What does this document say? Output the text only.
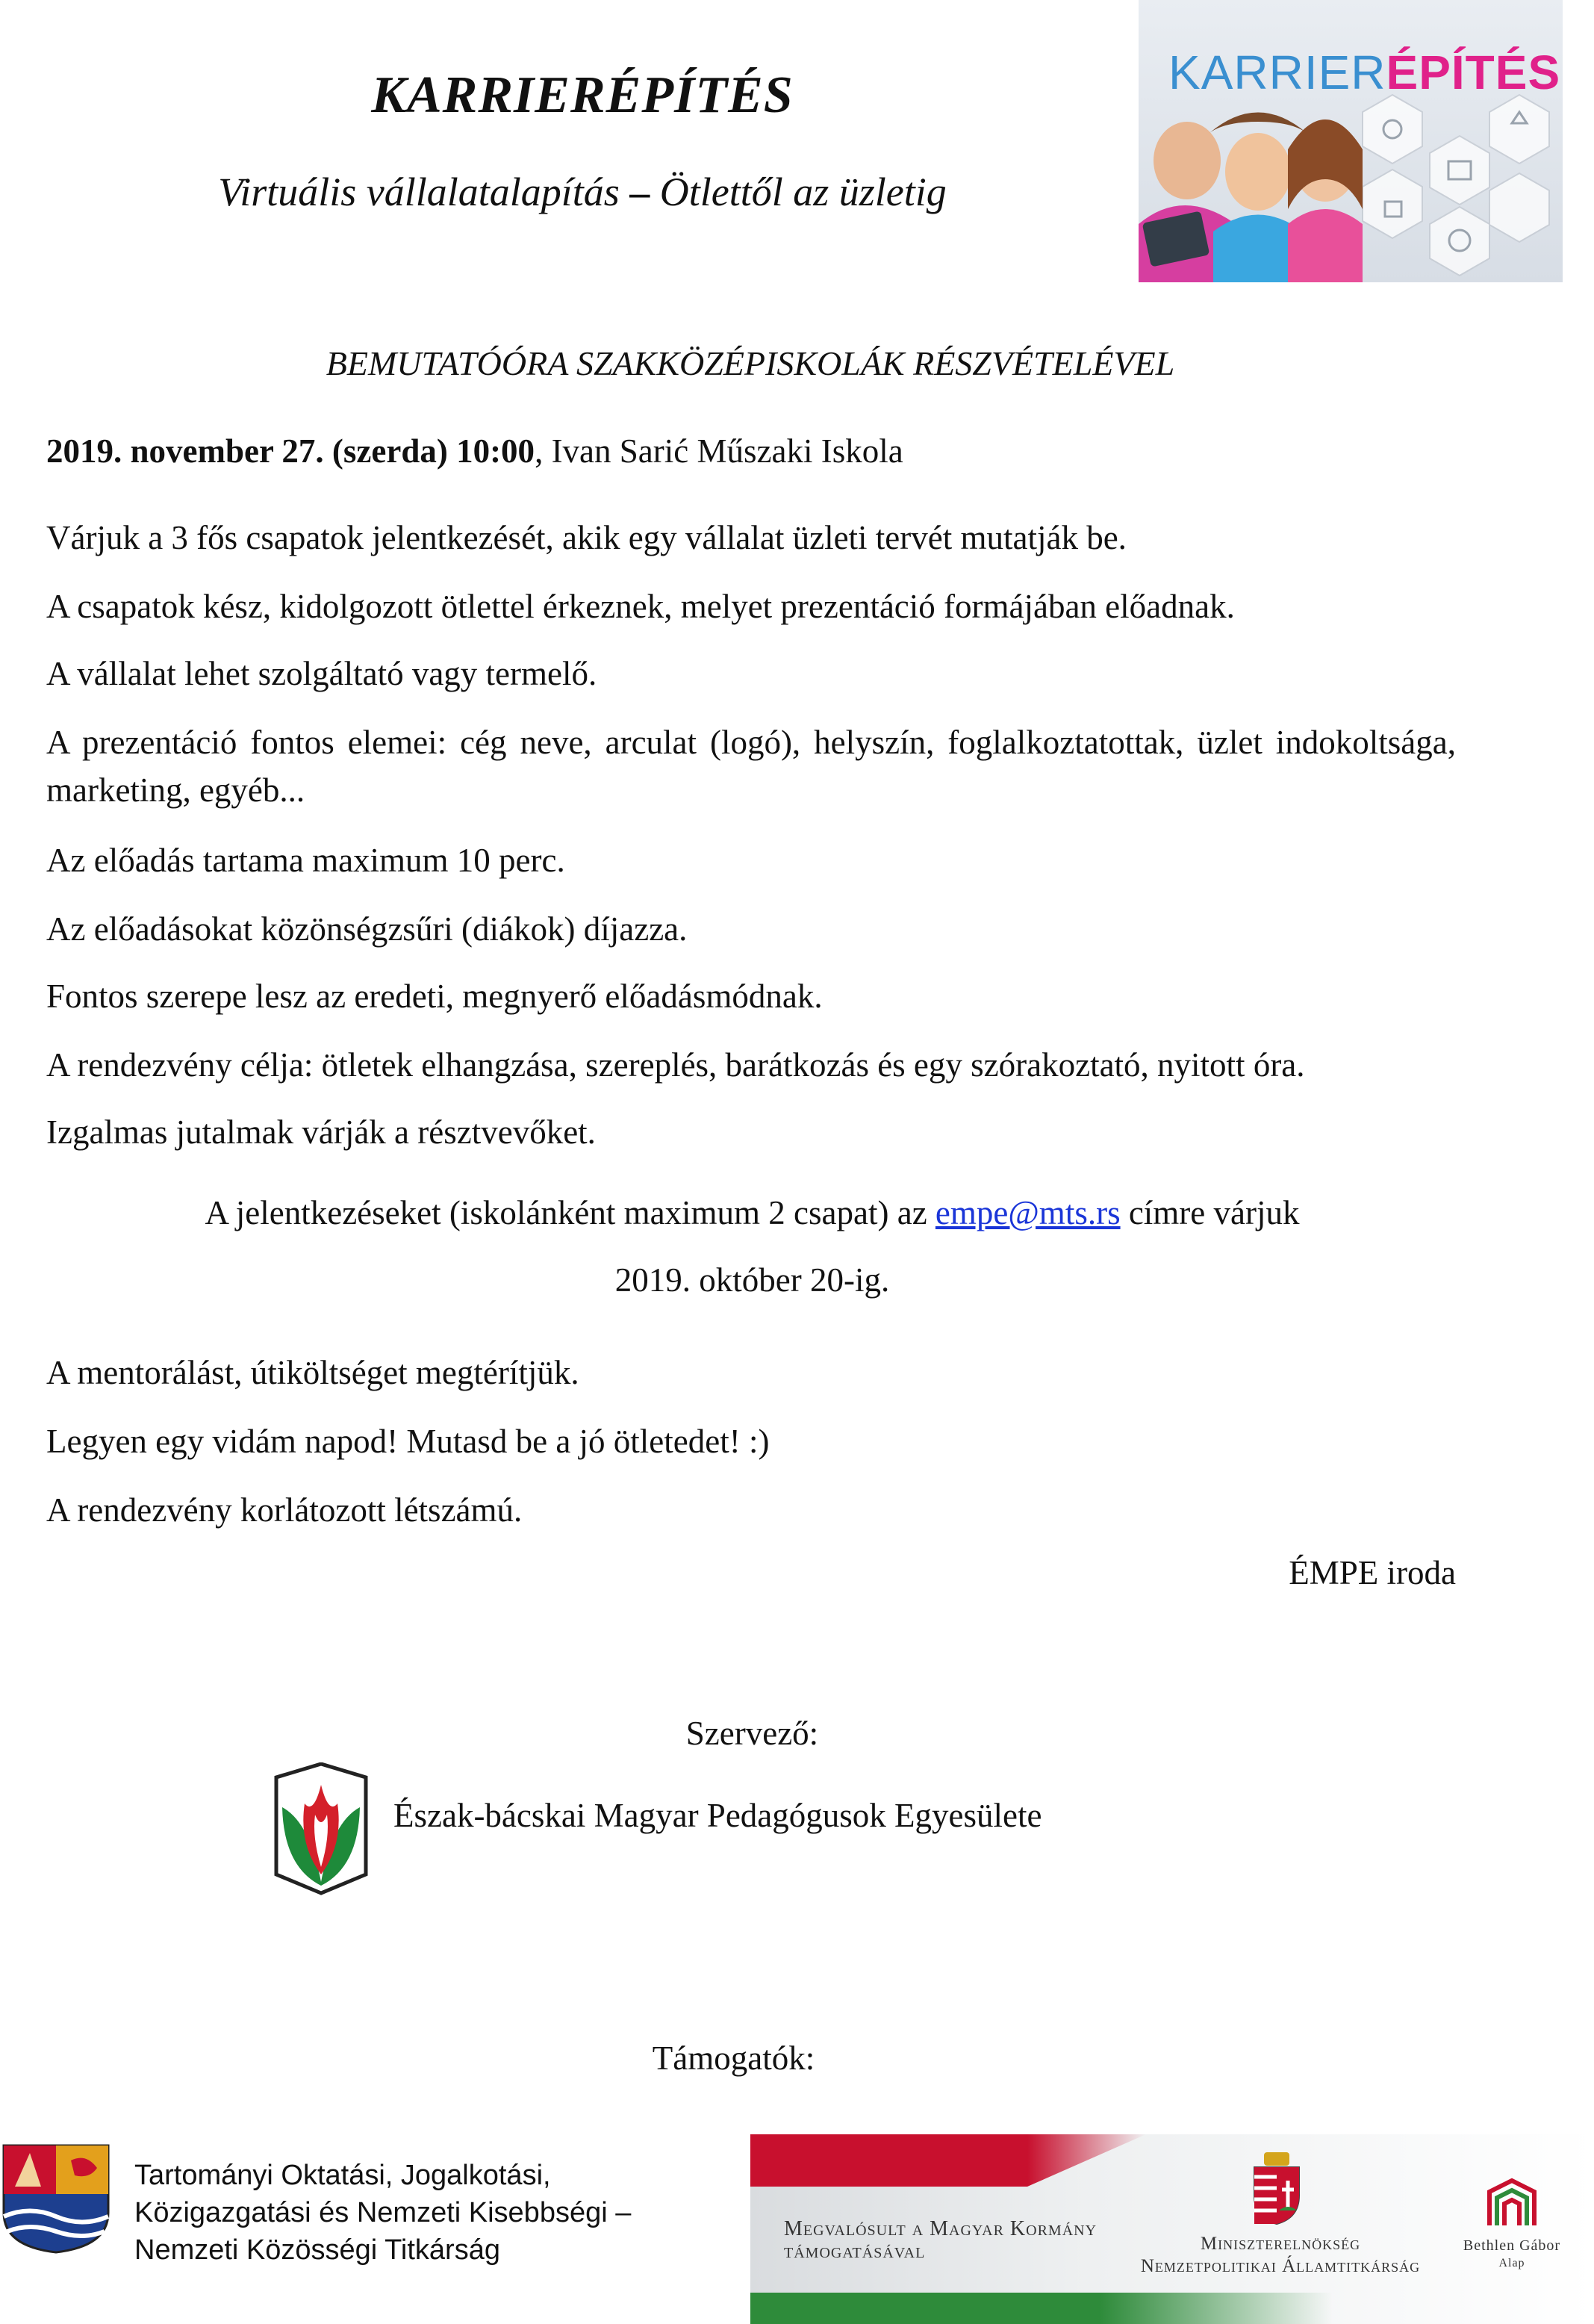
KARRIERÉPÍTÉS
Virtuális vállalatalapítás – Ötlettől az üzletig
KARRIERÉPÍTÉS
BEMUTATÓÓRA SZAKKÖZÉPISKOLÁK RÉSZVÉTELÉVEL
2019. november 27. (szerda) 10:00, Ivan Sarić Műszaki Iskola
Várjuk a 3 fős csapatok jelentkezését, akik egy vállalat üzleti tervét mutatják be.
A csapatok kész, kidolgozott ötlettel érkeznek, melyet prezentáció formájában előadnak.
A vállalat lehet szolgáltató vagy termelő.
A prezentáció fontos elemei: cég neve, arculat (logó), helyszín, foglalkoztatottak, üzlet indokoltsága, marketing, egyéb...
Az előadás tartama maximum 10 perc.
Az előadásokat közönségzsűri (diákok) díjazza.
Fontos szerepe lesz az eredeti, megnyerő előadásmódnak.
A rendezvény célja: ötletek elhangzása, szereplés, barátkozás és egy szórakoztató, nyitott óra.
Izgalmas jutalmak várják a résztvevőket.
A jelentkezéseket (iskolánként maximum 2 csapat) az empe@mts.rs címre várjuk
2019. október 20-ig.
A mentorálást, útiköltséget megtérítjük.
Legyen egy vidám napod! Mutasd be a jó ötletedet! :)
A rendezvény korlátozott létszámú.
ÉMPE iroda
Szervező:
Észak-bácskai Magyar Pedagógusok Egyesülete
Támogatók:
Tartományi Oktatási, Jogalkotási,
Közigazgatási és Nemzeti Kisebbségi –
Nemzeti Közösségi Titkárság
Megvalósult a Magyar Kormány
támogatásával	Miniszterelnökség
Nemzetpolitikai Államtitkárság
Bethlen Gábor
Alap
